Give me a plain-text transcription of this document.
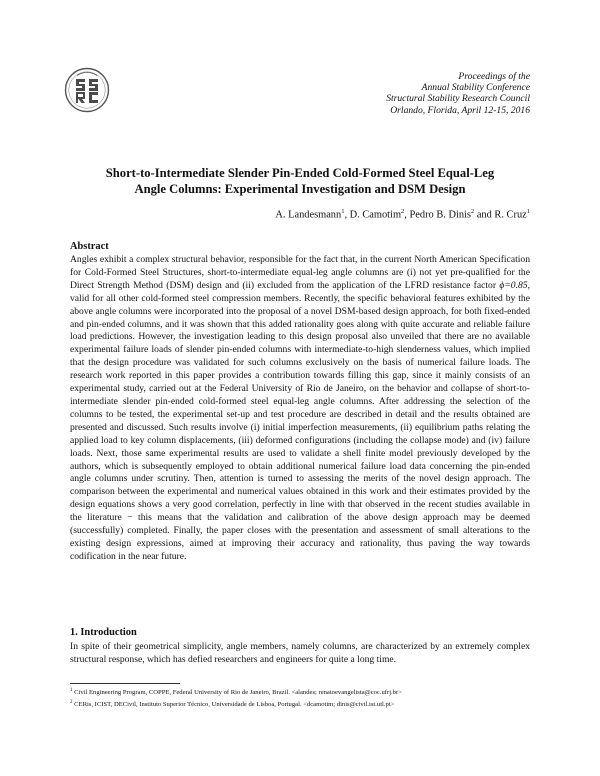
Proceedings of the
Annual Stability Conference
Structural Stability Research Council
Orlando, Florida, April 12-15, 2016
Short-to-Intermediate Slender Pin-Ended Cold-Formed Steel Equal-Leg
Angle Columns: Experimental Investigation and DSM Design
A. Landesmann$^1$, D. Camotim$^2$, Pedro B. Dinis$^2$ and R. Cruz$^1$
Abstract
Angles exhibit a complex structural behavior, responsible for the fact that, in the current North American Specification for Cold-Formed Steel Structures, short-to-intermediate equal-leg angle columns are (i) not yet pre-qualified for the Direct Strength Method (DSM) design and (ii) excluded from the application of the LFRD resistance factor ϕ=0.85, valid for all other cold-formed steel compression members. Recently, the specific behavioral features exhibited by the above angle columns were incorporated into the proposal of a novel DSM-based design approach, for both fixed-ended and pin-ended columns, and it was shown that this added rationality goes along with quite accurate and reliable failure load predictions. However, the investigation leading to this design proposal also unveiled that there are no available experimental failure loads of slender pin-ended columns with intermediate-to-high slenderness values, which implied that the design procedure was validated for such columns exclusively on the basis of numerical failure loads. The research work reported in this paper provides a contribution towards filling this gap, since it mainly consists of an experimental study, carried out at the Federal University of Rio de Janeiro, on the behavior and collapse of short-to-intermediate slender pin-ended cold-formed steel equal-leg angle columns. After addressing the selection of the columns to be tested, the experimental set-up and test procedure are described in detail and the results obtained are presented and discussed. Such results involve (i) initial imperfection measurements, (ii) equilibrium paths relating the applied load to key column displacements, (iii) deformed configurations (including the collapse mode) and (iv) failure loads. Next, those same experimental results are used to validate a shell finite model previously developed by the authors, which is subsequently employed to obtain additional numerical failure load data concerning the pin-ended angle columns under scrutiny. Then, attention is turned to assessing the merits of the novel design approach. The comparison between the experimental and numerical values obtained in this work and their estimates provided by the design equations shows a very good correlation, perfectly in line with that observed in the recent studies available in the literature − this means that the validation and calibration of the above design approach may be deemed (successfully) completed. Finally, the paper closes with the presentation and assessment of small alterations to the existing design expressions, aimed at improving their accuracy and rationality, thus paving the way towards codification in the near future.
1. Introduction
In spite of their geometrical simplicity, angle members, namely columns, are characterized by an extremely complex structural response, which has defied researchers and engineers for quite a long time.
$^1$ Civil Engineering Program, COPPE, Federal University of Rio de Janeiro, Brazil. <alandes; renatoevangelista@coc.ufrj.br>
$^2$ CERis, ICIST, DECivil, Instituto Superior Técnico, Universidade de Lisboa, Portugal. <dcamotim; dinis@civil.ist.utl.pt>
